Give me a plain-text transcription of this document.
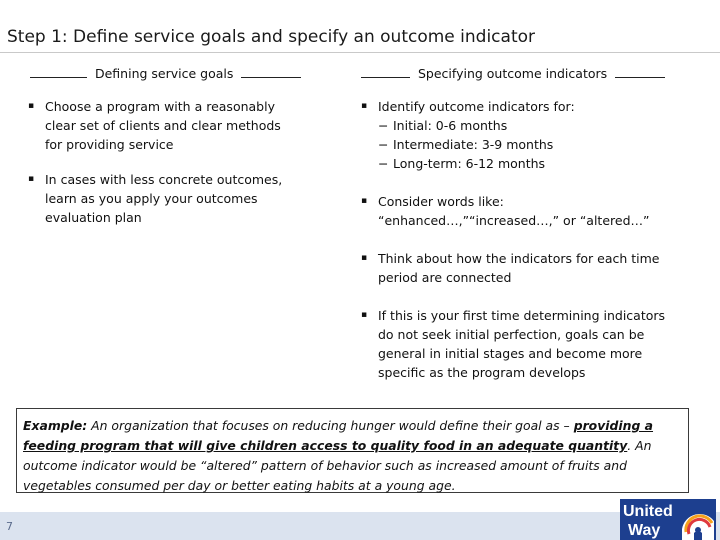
Step 1: Define service goals and specify an outcome indicator
Defining service goals
▪ Choose a program with a reasonably
clear set of clients and clear methods
for providing service
▪ In cases with less concrete outcomes,
learn as you apply your outcomes
evaluation plan
Specifying outcome indicators
▪ Identify outcome indicators for:
− Initial: 0-6 months
− Intermediate: 3-9 months
− Long-term: 6-12 months
▪ Consider words like:
“enhanced…,”“increased…,” or “altered…”
▪ Think about how the indicators for each time
period are connected
▪ If this is your first time determining indicators
do not seek initial perfection, goals can be
general in initial stages and become more
specific as the program develops
Example: An organization that focuses on reducing hunger would define their goal as – providing a feeding program that will give children access to quality food in an adequate quantity. An outcome indicator would be “altered” pattern of behavior such as increased amount of fruits and vegetables consumed per day or better eating habits at a young age.
7
United
Way
